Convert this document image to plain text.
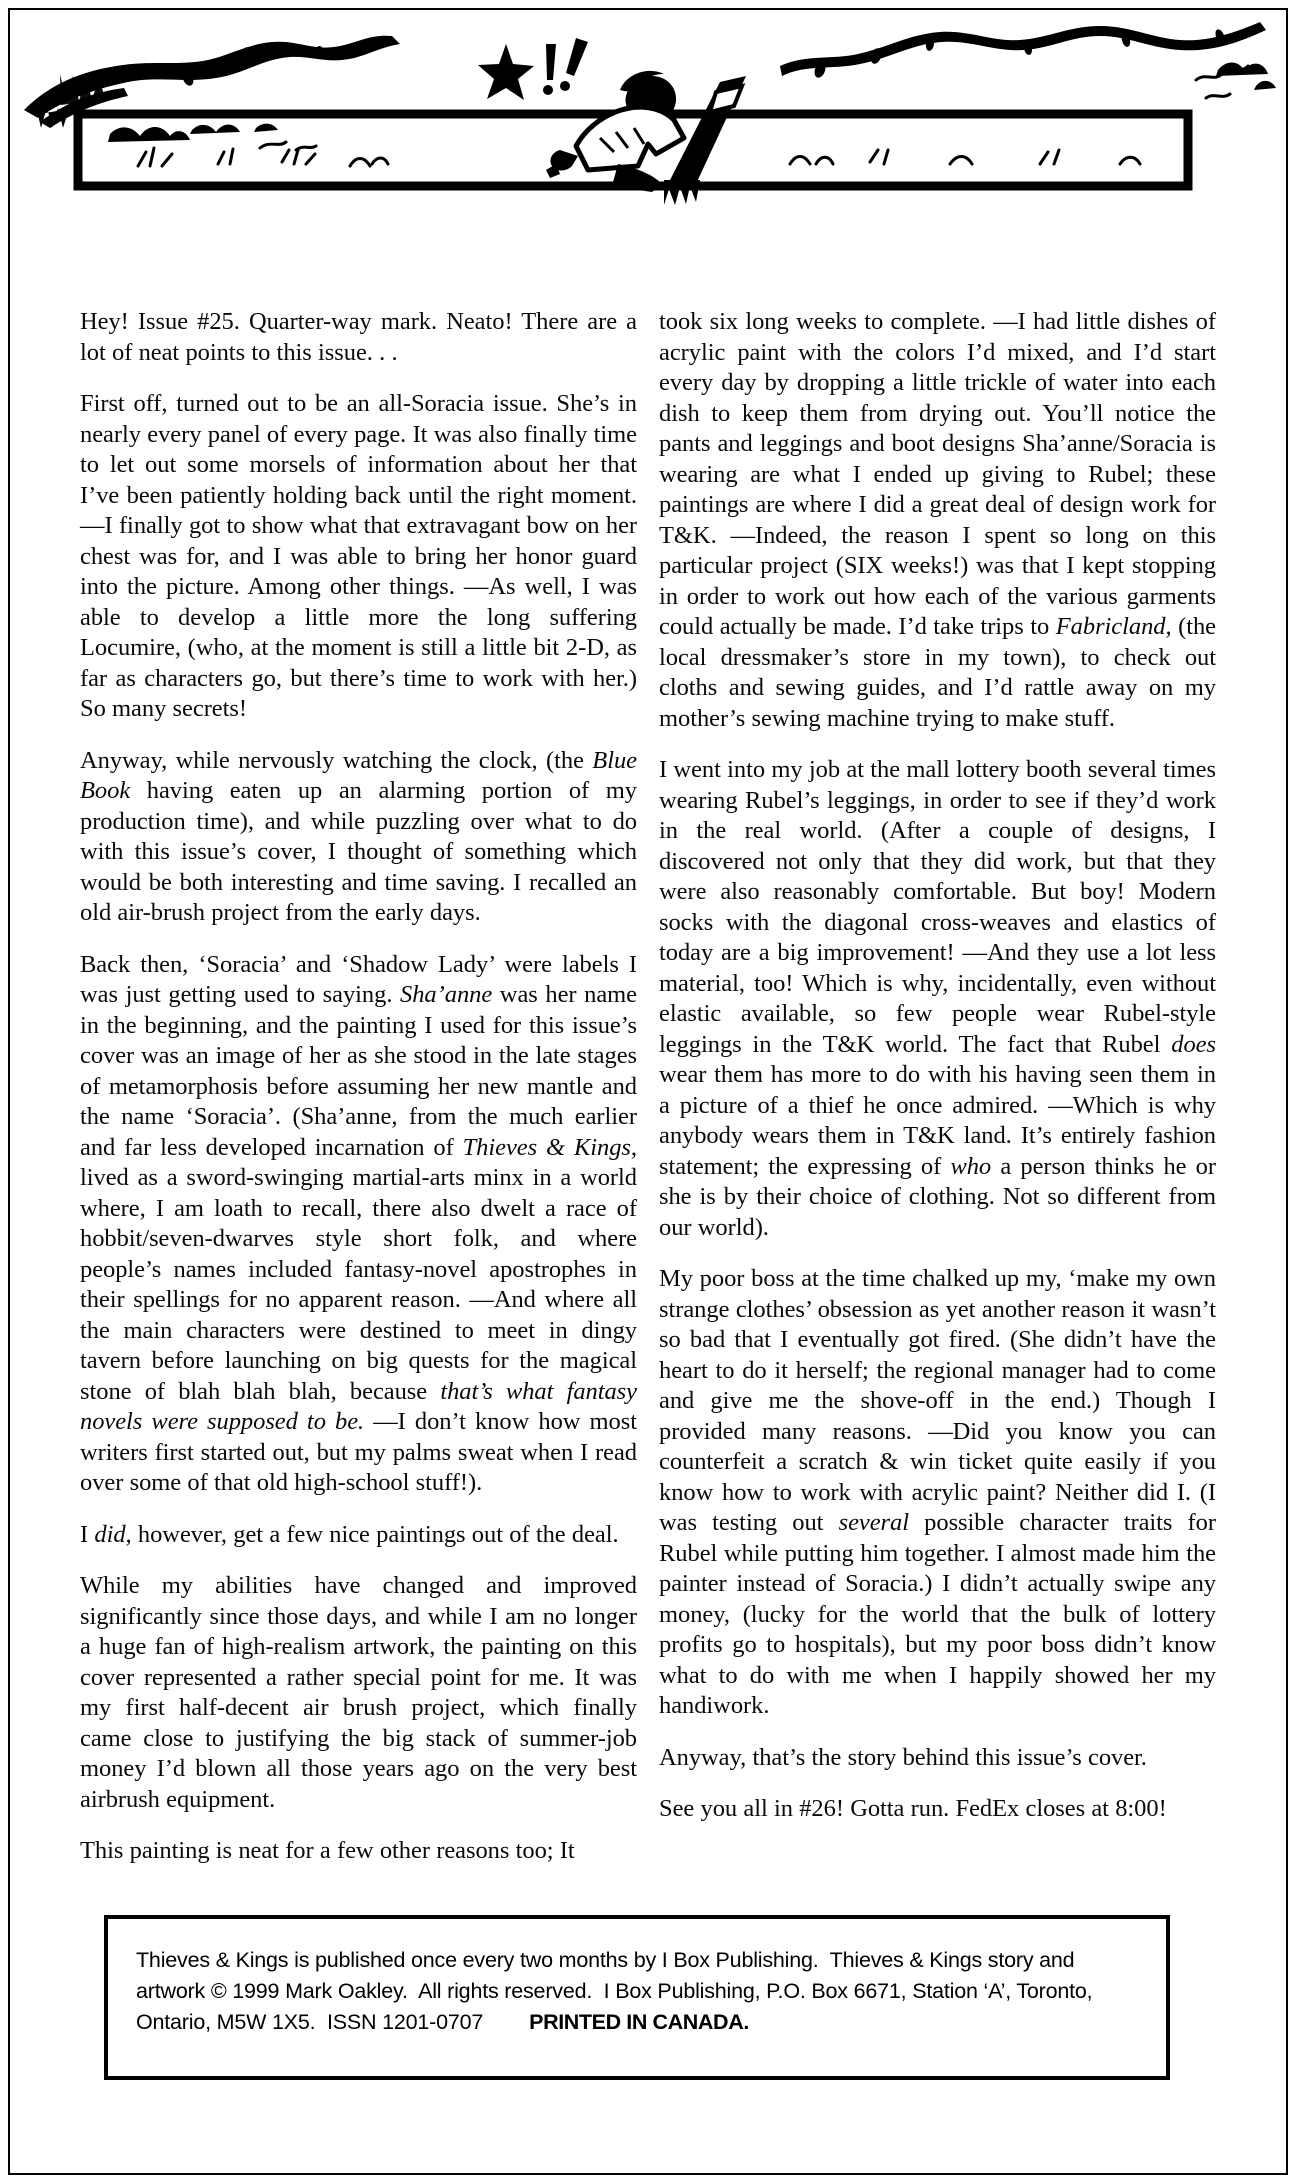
Hey! Issue #25. Quarter-way mark. Neato! There are a lot of neat points to this issue. . .

First off, turned out to be an all-Soracia issue. She’s in nearly every panel of every page. It was also finally time to let out some morsels of information about her that I’ve been patiently holding back until the right moment. —I finally got to show what that extravagant bow on her chest was for, and I was able to bring her honor guard into the picture. Among other things. —As well, I was able to develop a little more the long suffering Locumire, (who, at the moment is still a little bit 2-D, as far as characters go, but there’s time to work with her.) So many secrets!

Anyway, while nervously watching the clock, (the Blue Book having eaten up an alarming portion of my production time), and while puzzling over what to do with this issue’s cover, I thought of something which would be both interesting and time saving. I recalled an old air-brush project from the early days.

Back then, ‘Soracia’ and ‘Shadow Lady’ were labels I was just getting used to saying. Sha’anne was her name in the beginning, and the painting I used for this issue’s cover was an image of her as she stood in the late stages of metamorphosis before assuming her new mantle and the name ‘Soracia’. (Sha’anne, from the much earlier and far less developed incarnation of Thieves & Kings, lived as a sword-swinging martial-arts minx in a world where, I am loath to recall, there also dwelt a race of hobbit/seven-dwarves style short folk, and where people’s names included fantasy-novel apostrophes in their spellings for no apparent reason. —And where all the main characters were destined to meet in dingy tavern before launching on big quests for the magical stone of blah blah blah, because that’s what fantasy novels were supposed to be. —I don’t know how most writers first started out, but my palms sweat when I read over some of that old high-school stuff!).

I did, however, get a few nice paintings out of the deal.

While my abilities have changed and improved significantly since those days, and while I am no longer a huge fan of high-realism artwork, the painting on this cover represented a rather special point for me. It was my first half-decent air brush project, which finally came close to justifying the big stack of summer-job money I’d blown all those years ago on the very best airbrush equipment.

This painting is neat for a few other reasons too; It

took six long weeks to complete. —I had little dishes of acrylic paint with the colors I’d mixed, and I’d start every day by dropping a little trickle of water into each dish to keep them from drying out. You’ll notice the pants and leggings and boot designs Sha’anne/Soracia is wearing are what I ended up giving to Rubel; these paintings are where I did a great deal of design work for T&K. —Indeed, the reason I spent so long on this particular project (SIX weeks!) was that I kept stopping in order to work out how each of the various garments could actually be made. I’d take trips to Fabricland, (the local dressmaker’s store in my town), to check out cloths and sewing guides, and I’d rattle away on my mother’s sewing machine trying to make stuff.

I went into my job at the mall lottery booth several times wearing Rubel’s leggings, in order to see if they’d work in the real world. (After a couple of designs, I discovered not only that they did work, but that they were also reasonably comfortable. But boy! Modern socks with the diagonal cross-weaves and elastics of today are a big improvement! —And they use a lot less material, too! Which is why, incidentally, even without elastic available, so few people wear Rubel-style leggings in the T&K world. The fact that Rubel does wear them has more to do with his having seen them in a picture of a thief he once admired. —Which is why anybody wears them in T&K land. It’s entirely fashion statement; the expressing of who a person thinks he or she is by their choice of clothing. Not so different from our world).

My poor boss at the time chalked up my, ‘make my own strange clothes’ obsession as yet another reason it wasn’t so bad that I eventually got fired. (She didn’t have the heart to do it herself; the regional manager had to come and give me the shove-off in the end.) Though I provided many reasons. —Did you know you can counterfeit a scratch & win ticket quite easily if you know how to work with acrylic paint? Neither did I. (I was testing out several possible character traits for Rubel while putting him together. I almost made him the painter instead of Soracia.) I didn’t actually swipe any money, (lucky for the world that the bulk of lottery profits go to hospitals), but my poor boss didn’t know what to do with me when I happily showed her my handiwork.

Anyway, that’s the story behind this issue’s cover.

See you all in #26! Gotta run. FedEx closes at 8:00!

Thieves & Kings is published once every two months by I Box Publishing.  Thieves & Kings story and
artwork © 1999 Mark Oakley.  All rights reserved.  I Box Publishing, P.O. Box 6671, Station ‘A’, Toronto,
Ontario, M5W 1X5.  ISSN 1201-0707 PRINTED IN CANADA.
